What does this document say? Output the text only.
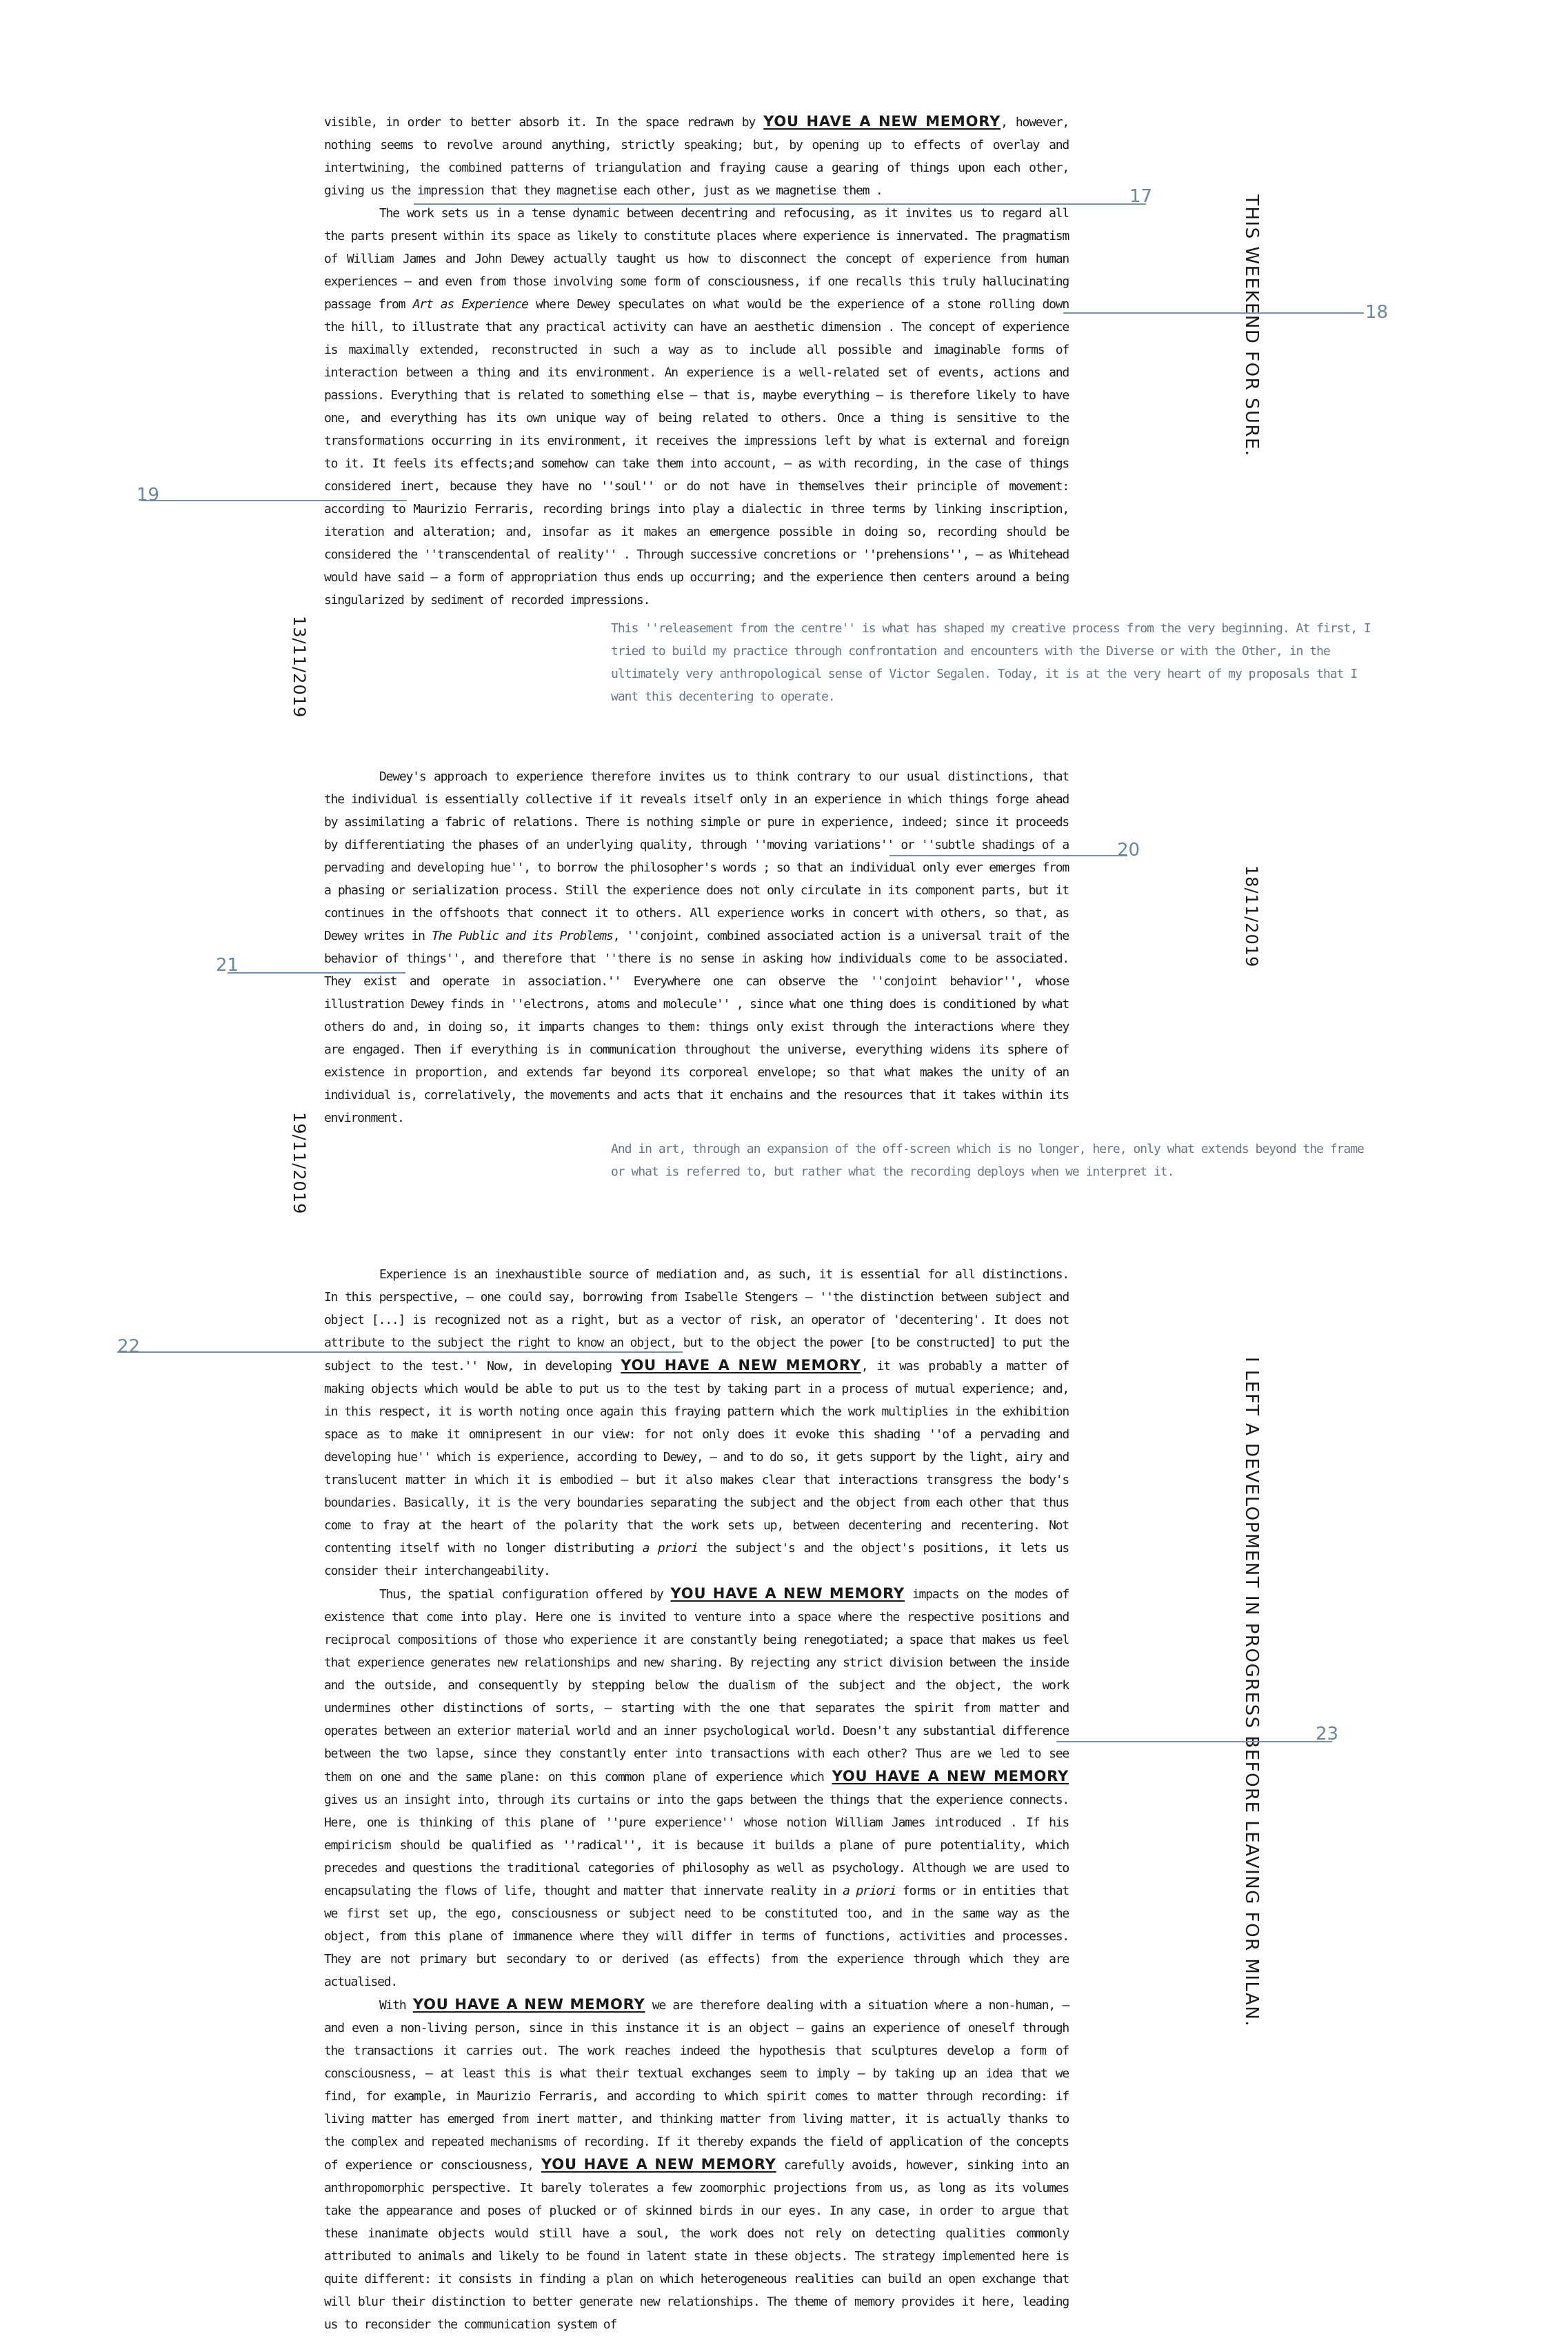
visible, in order to better absorb it. In the space redrawn by YOU HAVE A NEW MEMORY, however, nothing seems to revolve around anything, strictly speaking; but, by opening up to effects of overlay and intertwining, the combined patterns of triangulation and fraying cause a gearing of things upon each other, giving us the impression that they magnetise each other, just as we magnetise them .

The work sets us in a tense dynamic between decentring and refocusing, as it invites us to regard all the parts present within its space as likely to constitute places where experience is innervated. The pragmatism of William James and John Dewey actually taught us how to disconnect the concept of experience from human experiences — and even from those involving some form of consciousness, if one recalls this truly hallucinating passage from Art as Experience where Dewey speculates on what would be the experience of a stone rolling down the hill, to illustrate that any practical activity can have an aesthetic dimension . The concept of experience is maximally extended, reconstructed in such a way as to include all possible and imaginable forms of interaction between a thing and its environment. An experience is a well-related set of events, actions and passions. Everything that is related to something else — that is, maybe everything — is therefore likely to have one, and everything has its own unique way of being related to others. Once a thing is sensitive to the transformations occurring in its environment, it receives the impressions left by what is external and foreign to it. It feels its effects;and somehow can take them into account, — as with recording, in the case of things considered inert, because they have no ''soul'' or do not have in themselves their principle of movement: according to Maurizio Ferraris, recording brings into play a dialectic in three terms by linking inscription, iteration and alteration; and, insofar as it makes an emergence possible in doing so, recording should be considered the ''transcendental of reality'' . Through successive concretions or ''prehensions'', — as Whitehead would have said — a form of appropriation thus ends up occurring; and the experience then centers around a being singularized by sediment of recorded impressions.

This ''releasement from the centre'' is what has shaped my creative process from the very beginning. At first, I tried to build my practice through confrontation and encounters with the Diverse or with the Other, in the ultimately very anthropological sense of Victor Segalen. Today, it is at the very heart of my proposals that I want this decentering to operate.

Dewey's approach to experience therefore invites us to think contrary to our usual distinctions, that the individual is essentially collective if it reveals itself only in an experience in which things forge ahead by assimilating a fabric of relations. There is nothing simple or pure in experience, indeed; since it proceeds by differentiating the phases of an underlying quality, through ''moving variations'' or ''subtle shadings of a pervading and developing hue'', to borrow the philosopher's words ; so that an individual only ever emerges from a phasing or serialization process. Still the experience does not only circulate in its component parts, but it continues in the offshoots that connect it to others. All experience works in concert with others, so that, as Dewey writes in The Public and its Problems, ''conjoint, combined associated action is a universal trait of the behavior of things'', and therefore that ''there is no sense in asking how individuals come to be associated. They exist and operate in association.'' Everywhere one can observe the ''conjoint behavior'', whose illustration Dewey finds in ''electrons, atoms and molecule'' , since what one thing does is conditioned by what others do and, in doing so, it imparts changes to them: things only exist through the interactions where they are engaged. Then if everything is in communication throughout the universe, everything widens its sphere of existence in proportion, and extends far beyond its corporeal envelope; so that what makes the unity of an individual is, correlatively, the movements and acts that it enchains and the resources that it takes within its environment.

And in art, through an expansion of the off-screen which is no longer, here, only what extends beyond the frame or what is referred to, but rather what the recording deploys when we interpret it.

Experience is an inexhaustible source of mediation and, as such, it is essential for all distinctions. In this perspective, — one could say, borrowing from Isabelle Stengers — ''the distinction between subject and object [...] is recognized not as a right, but as a vector of risk, an operator of 'decentering'. It does not attribute to the subject the right to know an object, but to the object the power [to be constructed] to put the subject to the test.'' Now, in developing YOU HAVE A NEW MEMORY, it was probably a matter of making objects which would be able to put us to the test by taking part in a process of mutual experience; and, in this respect, it is worth noting once again this fraying pattern which the work multiplies in the exhibition space as to make it omnipresent in our view: for not only does it evoke this shading ''of a pervading and developing hue'' which is experience, according to Dewey, — and to do so, it gets support by the light, airy and translucent matter in which it is embodied — but it also makes clear that interactions transgress the body's boundaries. Basically, it is the very boundaries separating the subject and the object from each other that thus come to fray at the heart of the polarity that the work sets up, between decentering and recentering. Not contenting itself with no longer distributing a priori the subject's and the object's positions, it lets us consider their interchangeability.

Thus, the spatial configuration offered by YOU HAVE A NEW MEMORY impacts on the modes of existence that come into play. Here one is invited to venture into a space where the respective positions and reciprocal compositions of those who experience it are constantly being renegotiated; a space that makes us feel that experience generates new relationships and new sharing. By rejecting any strict division between the inside and the outside, and consequently by stepping below the dualism of the subject and the object, the work undermines other distinctions of sorts, — starting with the one that separates the spirit from matter and operates between an exterior material world and an inner psychological world. Doesn't any substantial difference between the two lapse, since they constantly enter into transactions with each other? Thus are we led to see them on one and the same plane: on this common plane of experience which YOU HAVE A NEW MEMORY gives us an insight into, through its curtains or into the gaps between the things that the experience connects. Here, one is thinking of this plane of ''pure experience'' whose notion William James introduced . If his empiricism should be qualified as ''radical'', it is because it builds a plane of pure potentiality, which precedes and questions the traditional categories of philosophy as well as psychology. Although we are used to encapsulating the flows of life, thought and matter that innervate reality in a priori forms or in entities that we first set up, the ego, consciousness or subject need to be constituted too, and in the same way as the object, from this plane of immanence where they will differ in terms of functions, activities and processes. They are not primary but secondary to or derived (as effects) from the experience through which they are actualised.

With YOU HAVE A NEW MEMORY we are therefore dealing with a situation where a non-human, — and even a non-living person, since in this instance it is an object — gains an experience of oneself through the transactions it carries out. The work reaches indeed the hypothesis that sculptures develop a form of consciousness, — at least this is what their textual exchanges seem to imply — by taking up an idea that we find, for example, in Maurizio Ferraris, and according to which spirit comes to matter through recording: if living matter has emerged from inert matter, and thinking matter from living matter, it is actually thanks to the complex and repeated mechanisms of recording. If it thereby expands the field of application of the concepts of experience or consciousness, YOU HAVE A NEW MEMORY carefully avoids, however, sinking into an anthropomorphic perspective. It barely tolerates a few zoomorphic projections from us, as long as its volumes take the appearance and poses of plucked or of skinned birds in our eyes. In any case, in order to argue that these inanimate objects would still have a soul, the work does not rely on detecting qualities commonly attributed to animals and likely to be found in latent state in these objects. The strategy implemented here is quite different: it consists in finding a plan on which heterogeneous realities can build an open exchange that will blur their distinction to better generate new relationships. The theme of memory provides it here, leading us to reconsider the communication system of

13/11/2019
18/11/2019
19/11/2019
THIS WEEKEND FOR SURE.
I LEFT A DEVELOPMENT IN PROGRESS BEFORE LEAVING FOR MILAN.
17
18
19
20
21
22
23
